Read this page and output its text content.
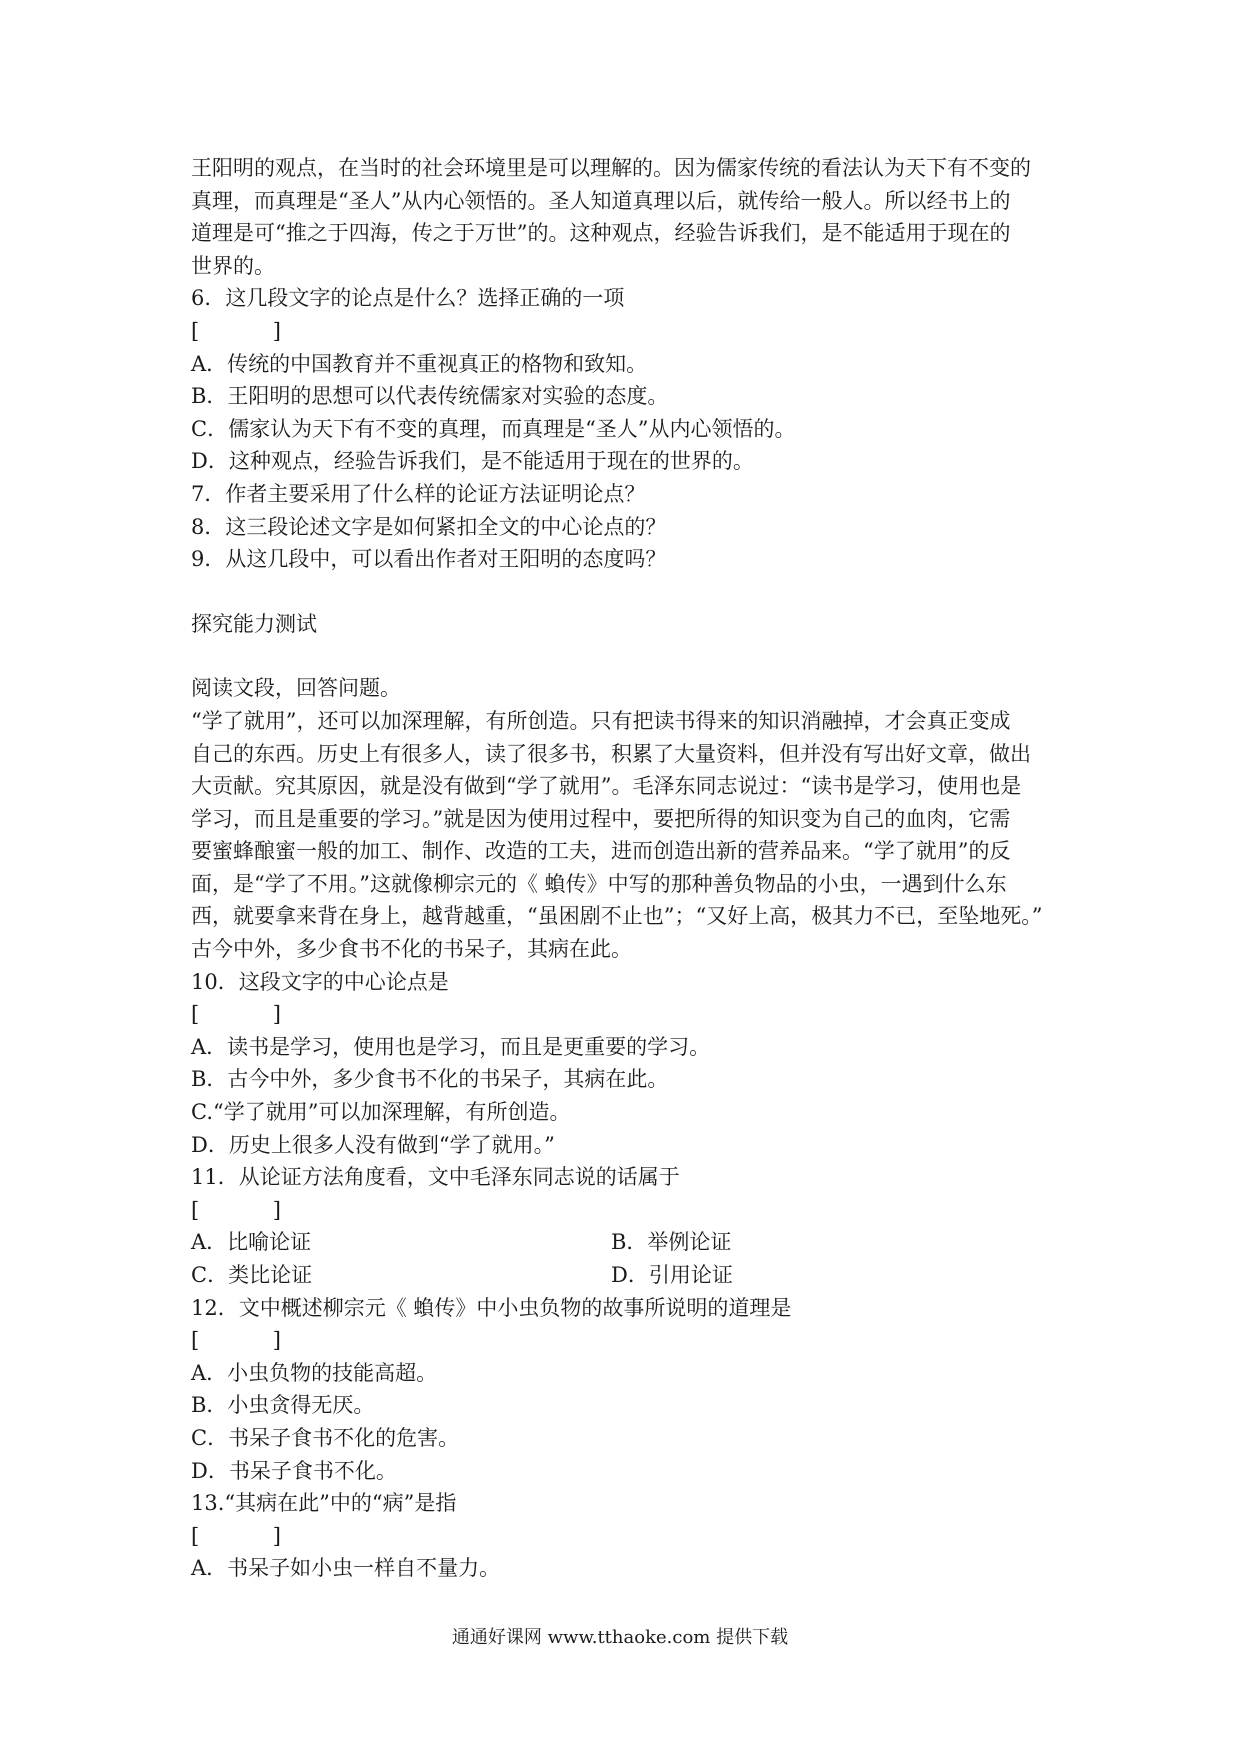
王阳明的观点，在当时的社会环境里是可以理解的。因为儒家传统的看法认为天下有不变的
真理，而真理是“圣人”从内心领悟的。圣人知道真理以后，就传给一般人。所以经书上的
道理是可“推之于四海，传之于万世”的。这种观点，经验告诉我们，是不能适用于现在的
世界的。
6．这几段文字的论点是什么？选择正确的一项
[	]
A．传统的中国教育并不重视真正的格物和致知。
B．王阳明的思想可以代表传统儒家对实验的态度。
C．儒家认为天下有不变的真理，而真理是“圣人”从内心领悟的。
D．这种观点，经验告诉我们，是不能适用于现在的世界的。
7．作者主要采用了什么样的论证方法证明论点？
8．这三段论述文字是如何紧扣全文的中心论点的？
9．从这几段中，可以看出作者对王阳明的态度吗？
探究能力测试
阅读文段，回答问题。
“学了就用”，还可以加深理解，有所创造。只有把读书得来的知识消融掉，才会真正变成
自己的东西。历史上有很多人，读了很多书，积累了大量资料，但并没有写出好文章，做出
大贡献。究其原因，就是没有做到“学了就用”。毛泽东同志说过：“读书是学习，使用也是
学习，而且是重要的学习。”就是因为使用过程中，要把所得的知识变为自己的血肉，它需
要蜜蜂酿蜜一般的加工、制作、改造的工夫，进而创造出新的营养品来。“学了就用”的反
面，是“学了不用。”这就像柳宗元的《 蝜传》中写的那种善负物品的小虫，一遇到什么东
西，就要拿来背在身上，越背越重，“虽困剧不止也”；“又好上高，极其力不已，至坠地死。”
古今中外，多少食书不化的书呆子，其病在此。
10．这段文字的中心论点是
[	]
A．读书是学习，使用也是学习，而且是更重要的学习。
B．古今中外，多少食书不化的书呆子，其病在此。
C.“学了就用”可以加深理解，有所创造。
D．历史上很多人没有做到“学了就用。”
11．从论证方法角度看，文中毛泽东同志说的话属于
[	]
A．比喻论证	B．举例论证
C．类比论证	D．引用论证
12．文中概述柳宗元《 蝜传》中小虫负物的故事所说明的道理是
[	]
A．小虫负物的技能高超。
B．小虫贪得无厌。
C．书呆子食书不化的危害。
D．书呆子食书不化。
13.“其病在此”中的“病”是指
[	]
A．书呆子如小虫一样自不量力。
通通好课网 www.tthaoke.com 提供下载
